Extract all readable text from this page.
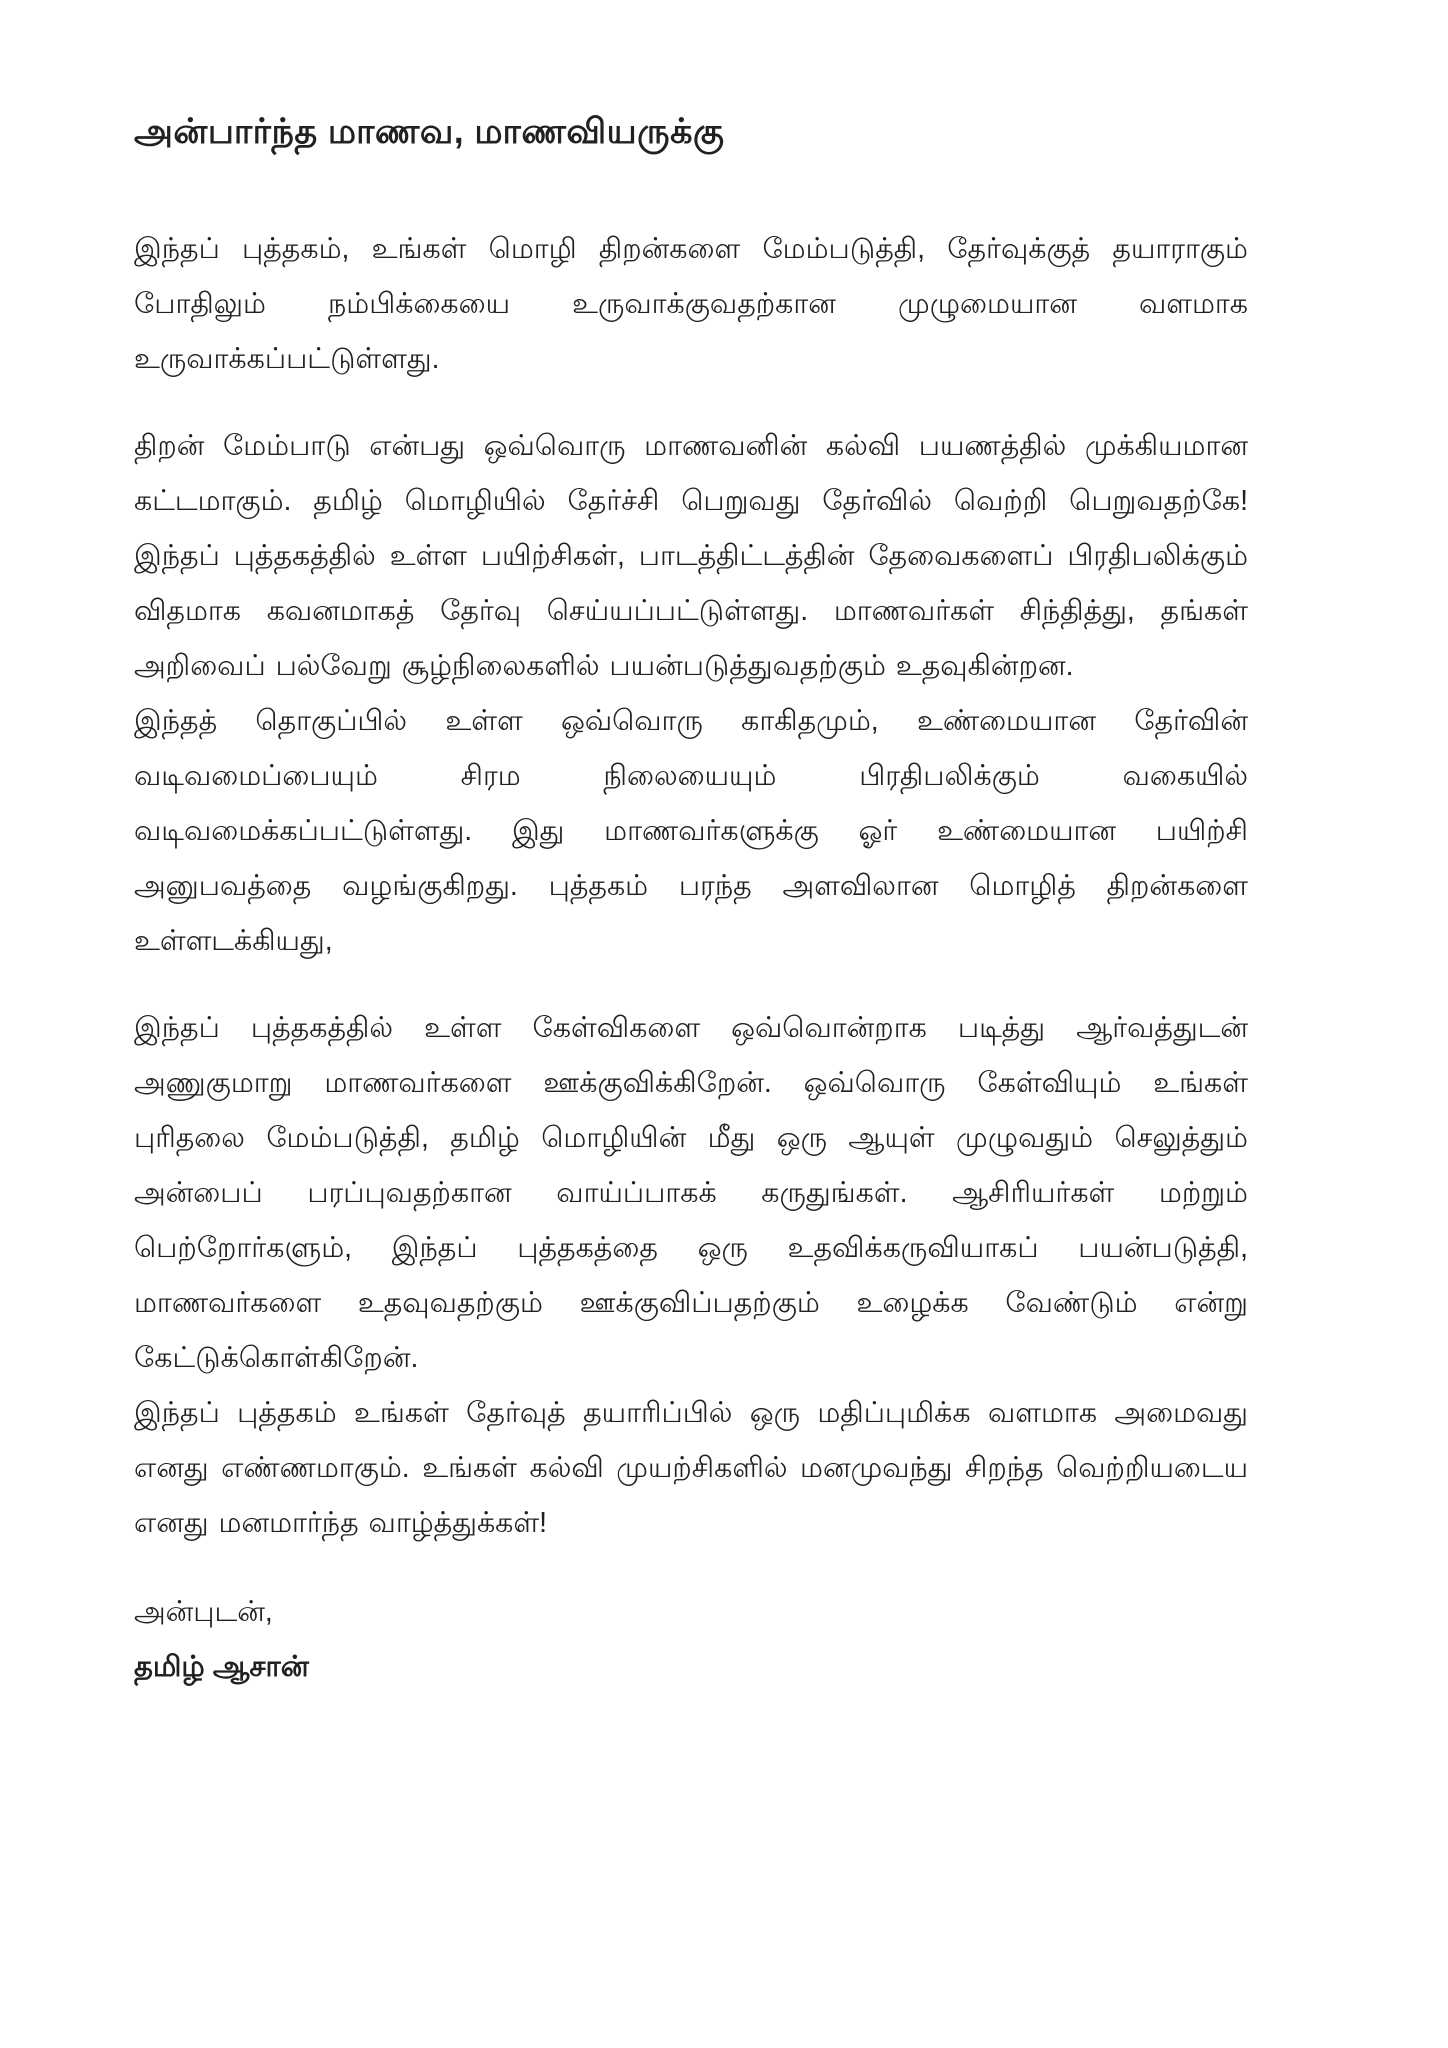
அன்பார்ந்த மாணவ, மாணவியருக்கு

இந்தப் புத்தகம், உங்கள் மொழி திறன்களை மேம்படுத்தி, தேர்வுக்குத் தயாராகும் போதிலும் நம்பிக்கையை உருவாக்குவதற்கான முழுமையான வளமாக உருவாக்கப்பட்டுள்ளது.

திறன் மேம்பாடு என்பது ஒவ்வொரு மாணவனின் கல்வி பயணத்தில் முக்கியமான கட்டமாகும். தமிழ் மொழியில் தேர்ச்சி பெறுவது தேர்வில் வெற்றி பெறுவதற்கே! இந்தப் புத்தகத்தில் உள்ள பயிற்சிகள், பாடத்திட்டத்தின் தேவைகளைப் பிரதிபலிக்கும் விதமாக கவனமாகத் தேர்வு செய்யப்பட்டுள்ளது. மாணவர்கள் சிந்தித்து, தங்கள் அறிவைப் பல்வேறு சூழ்நிலைகளில் பயன்படுத்துவதற்கும் உதவுகின்றன.

இந்தத் தொகுப்பில் உள்ள ஒவ்வொரு காகிதமும், உண்மையான தேர்வின் வடிவமைப்பையும் சிரம நிலையையும் பிரதிபலிக்கும் வகையில் வடிவமைக்கப்பட்டுள்ளது. இது மாணவர்களுக்கு ஓர் உண்மையான பயிற்சி அனுபவத்தை வழங்குகிறது. புத்தகம் பரந்த அளவிலான மொழித் திறன்களை உள்ளடக்கியது,

இந்தப் புத்தகத்தில் உள்ள கேள்விகளை ஒவ்வொன்றாக படித்து ஆர்வத்துடன் அணுகுமாறு மாணவர்களை ஊக்குவிக்கிறேன். ஒவ்வொரு கேள்வியும் உங்கள் புரிதலை மேம்படுத்தி, தமிழ் மொழியின் மீது ஒரு ஆயுள் முழுவதும் செலுத்தும் அன்பைப் பரப்புவதற்கான வாய்ப்பாகக் கருதுங்கள். ஆசிரியர்கள் மற்றும் பெற்றோர்களும், இந்தப் புத்தகத்தை ஒரு உதவிக்கருவியாகப் பயன்படுத்தி, மாணவர்களை உதவுவதற்கும் ஊக்குவிப்பதற்கும் உழைக்க வேண்டும் என்று கேட்டுக்கொள்கிறேன்.

இந்தப் புத்தகம் உங்கள் தேர்வுத் தயாரிப்பில் ஒரு மதிப்புமிக்க வளமாக அமைவது எனது எண்ணமாகும். உங்கள் கல்வி முயற்சிகளில் மனமுவந்து சிறந்த வெற்றியடைய எனது மனமார்ந்த வாழ்த்துக்கள்!

அன்புடன்,

தமிழ் ஆசான்
